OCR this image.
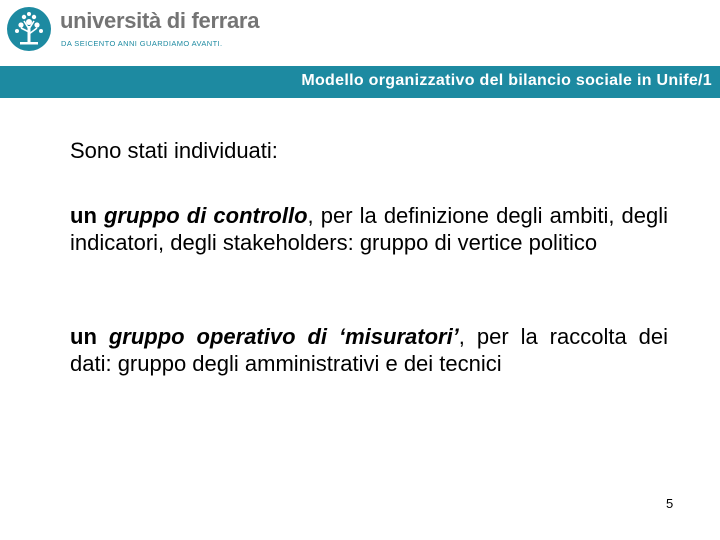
università di ferrara
DA SEICENTO ANNI GUARDIAMO AVANTI.
Modello organizzativo del bilancio sociale in Unife/1

Sono stati individuati:

un gruppo di controllo, per la definizione degli ambiti, degli indicatori, degli stakeholders: gruppo di vertice politico

un gruppo operativo di ‘misuratori’, per la raccolta dei dati: gruppo degli amministrativi e dei tecnici

5
